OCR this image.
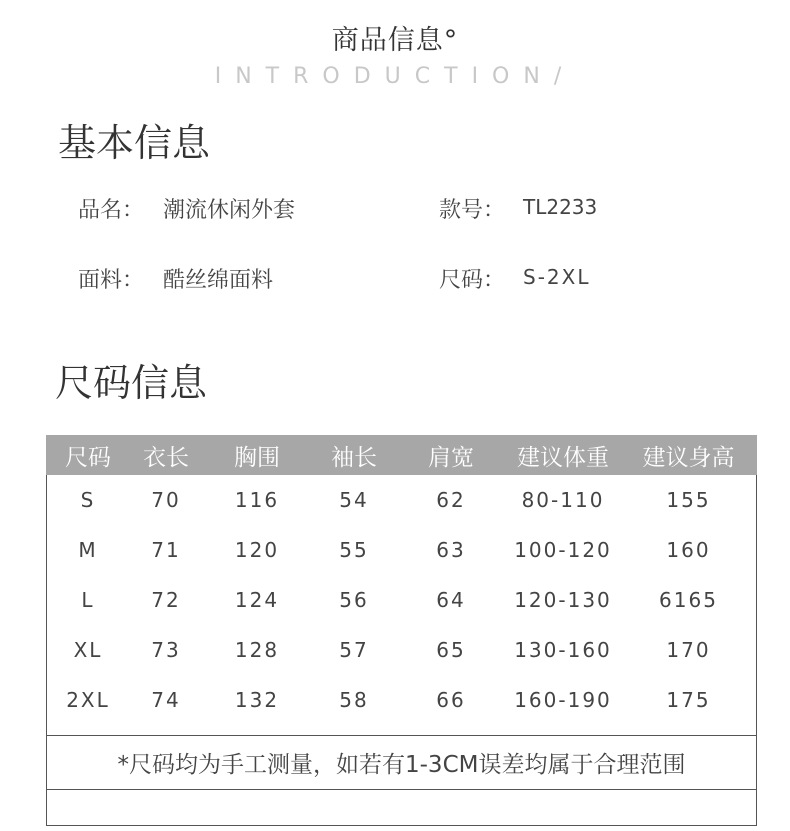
商品信息°
INTRODUCTION/
基本信息
品名： 潮流休闲外套	款号： TL2233
面料： 酷丝绵面料	尺码： S-2XL
尺码信息
尺码	衣长	胸围	袖长	肩宽	建议体重	建议身高
S	70	116	54	62	80-110	155
M	71	120	55	63	100-120	160
L	72	124	56	64	120-130	6165
XL	73	128	57	65	130-160	170
2XL	74	132	58	66	160-190	175
*尺码均为手工测量，如若有1-3CM误差均属于合理范围
